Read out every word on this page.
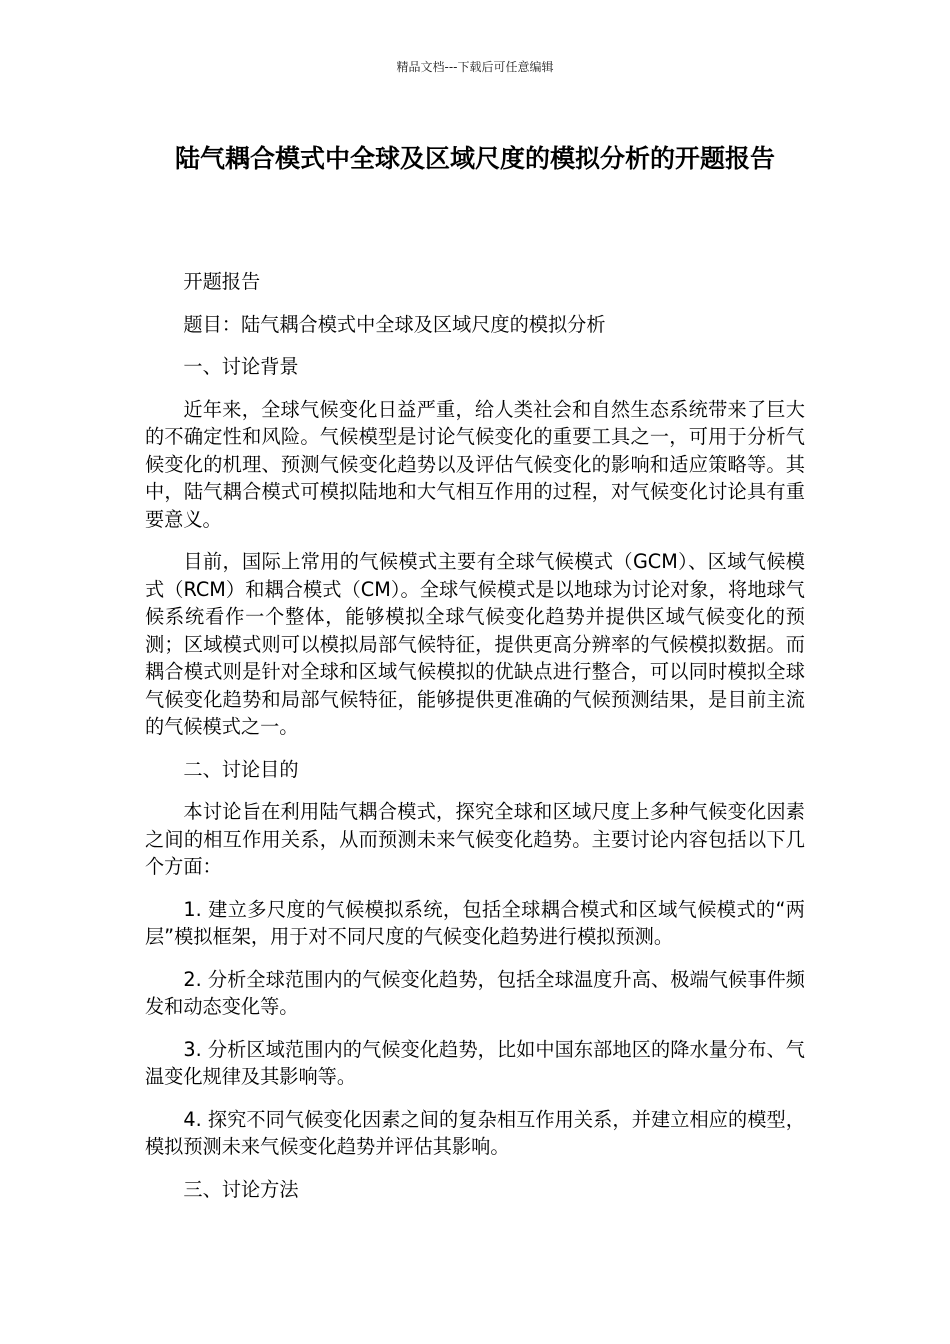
精品文档---下载后可任意编辑
陆气耦合模式中全球及区域尺度的模拟分析的开题报告

开题报告

题目：陆气耦合模式中全球及区域尺度的模拟分析

一、讨论背景

近年来，全球气候变化日益严重，给人类社会和自然生态系统带来了巨大的不确定性和风险。气候模型是讨论气候变化的重要工具之一，可用于分析气候变化的机理、预测气候变化趋势以及评估气候变化的影响和适应策略等。其中，陆气耦合模式可模拟陆地和大气相互作用的过程，对气候变化讨论具有重要意义。

目前，国际上常用的气候模式主要有全球气候模式（GCM）、区域气候模式（RCM）和耦合模式（CM）。全球气候模式是以地球为讨论对象，将地球气候系统看作一个整体，能够模拟全球气候变化趋势并提供区域气候变化的预测；区域模式则可以模拟局部气候特征，提供更高分辨率的气候模拟数据。而耦合模式则是针对全球和区域气候模拟的优缺点进行整合，可以同时模拟全球气候变化趋势和局部气候特征，能够提供更准确的气候预测结果，是目前主流的气候模式之一。

二、讨论目的

本讨论旨在利用陆气耦合模式，探究全球和区域尺度上多种气候变化因素之间的相互作用关系，从而预测未来气候变化趋势。主要讨论内容包括以下几个方面：

1. 建立多尺度的气候模拟系统，包括全球耦合模式和区域气候模式的“两层”模拟框架，用于对不同尺度的气候变化趋势进行模拟预测。

2. 分析全球范围内的气候变化趋势，包括全球温度升高、极端气候事件频发和动态变化等。

3. 分析区域范围内的气候变化趋势，比如中国东部地区的降水量分布、气温变化规律及其影响等。

4. 探究不同气候变化因素之间的复杂相互作用关系，并建立相应的模型，模拟预测未来气候变化趋势并评估其影响。

三、讨论方法
